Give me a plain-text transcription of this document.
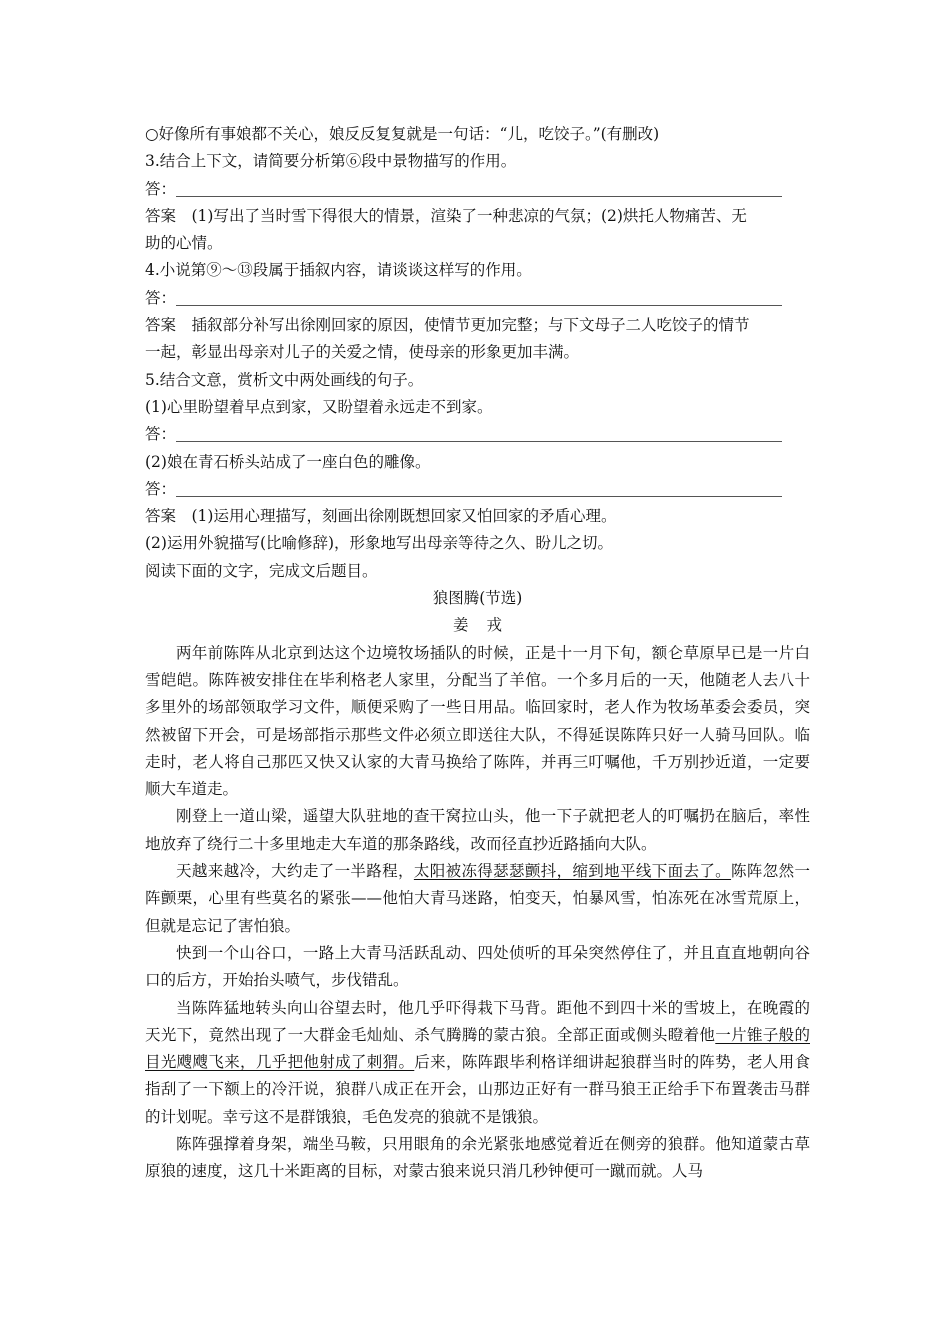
○好像所有事娘都不关心，娘反反复复就是一句话：“儿，吃饺子。”(有删改)
3.结合上下文，请简要分析第⑥段中景物描写的作用。
答：
答案　(1)写出了当时雪下得很大的情景，渲染了一种悲凉的气氛；(2)烘托人物痛苦、无
助的心情。
4.小说第⑨～⑬段属于插叙内容，请谈谈这样写的作用。
答：
答案　插叙部分补写出徐刚回家的原因，使情节更加完整；与下文母子二人吃饺子的情节
一起，彰显出母亲对儿子的关爱之情，使母亲的形象更加丰满。
5.结合文意，赏析文中两处画线的句子。
(1)心里盼望着早点到家，又盼望着永远走不到家。
答：
(2)娘在青石桥头站成了一座白色的雕像。
答：
答案　(1)运用心理描写，刻画出徐刚既想回家又怕回家的矛盾心理。
(2)运用外貌描写(比喻修辞)，形象地写出母亲等待之久、盼儿之切。
阅读下面的文字，完成文后题目。
狼图腾(节选)
姜戎

两年前陈阵从北京到达这个边境牧场插队的时候，正是十一月下旬，额仑草原早已是一片白雪皑皑。陈阵被安排住在毕利格老人家里，分配当了羊倌。一个多月后的一天，他随老人去八十多里外的场部领取学习文件，顺便采购了一些日用品。临回家时，老人作为牧场革委会委员，突然被留下开会，可是场部指示那些文件必须立即送往大队，不得延误陈阵只好一人骑马回队。临走时，老人将自己那匹又快又认家的大青马换给了陈阵，并再三叮嘱他，千万别抄近道，一定要顺大车道走。

刚登上一道山梁，遥望大队驻地的查干窝拉山头，他一下子就把老人的叮嘱扔在脑后，率性地放弃了绕行二十多里地走大车道的那条路线，改而径直抄近路插向大队。

天越来越冷，大约走了一半路程，太阳被冻得瑟瑟颤抖，缩到地平线下面去了。陈阵忽然一阵颤栗，心里有些莫名的紧张——他怕大青马迷路，怕变天，怕暴风雪，怕冻死在冰雪荒原上，但就是忘记了害怕狼。

快到一个山谷口，一路上大青马活跃乱动、四处侦听的耳朵突然停住了，并且直直地朝向谷口的后方，开始抬头喷气，步伐错乱。

当陈阵猛地转头向山谷望去时，他几乎吓得栽下马背。距他不到四十米的雪坡上，在晚霞的天光下，竟然出现了一大群金毛灿灿、杀气腾腾的蒙古狼。全部正面或侧头瞪着他一片锥子般的目光飕飕飞来，几乎把他射成了刺猬。后来，陈阵跟毕利格详细讲起狼群当时的阵势，老人用食指刮了一下额上的冷汗说，狼群八成正在开会，山那边正好有一群马狼王正给手下布置袭击马群的计划呢。幸亏这不是群饿狼，毛色发亮的狼就不是饿狼。

陈阵强撑着身架，端坐马鞍，只用眼角的余光紧张地感觉着近在侧旁的狼群。他知道蒙古草原狼的速度，这几十米距离的目标，对蒙古狼来说只消几秒钟便可一蹴而就。人马
